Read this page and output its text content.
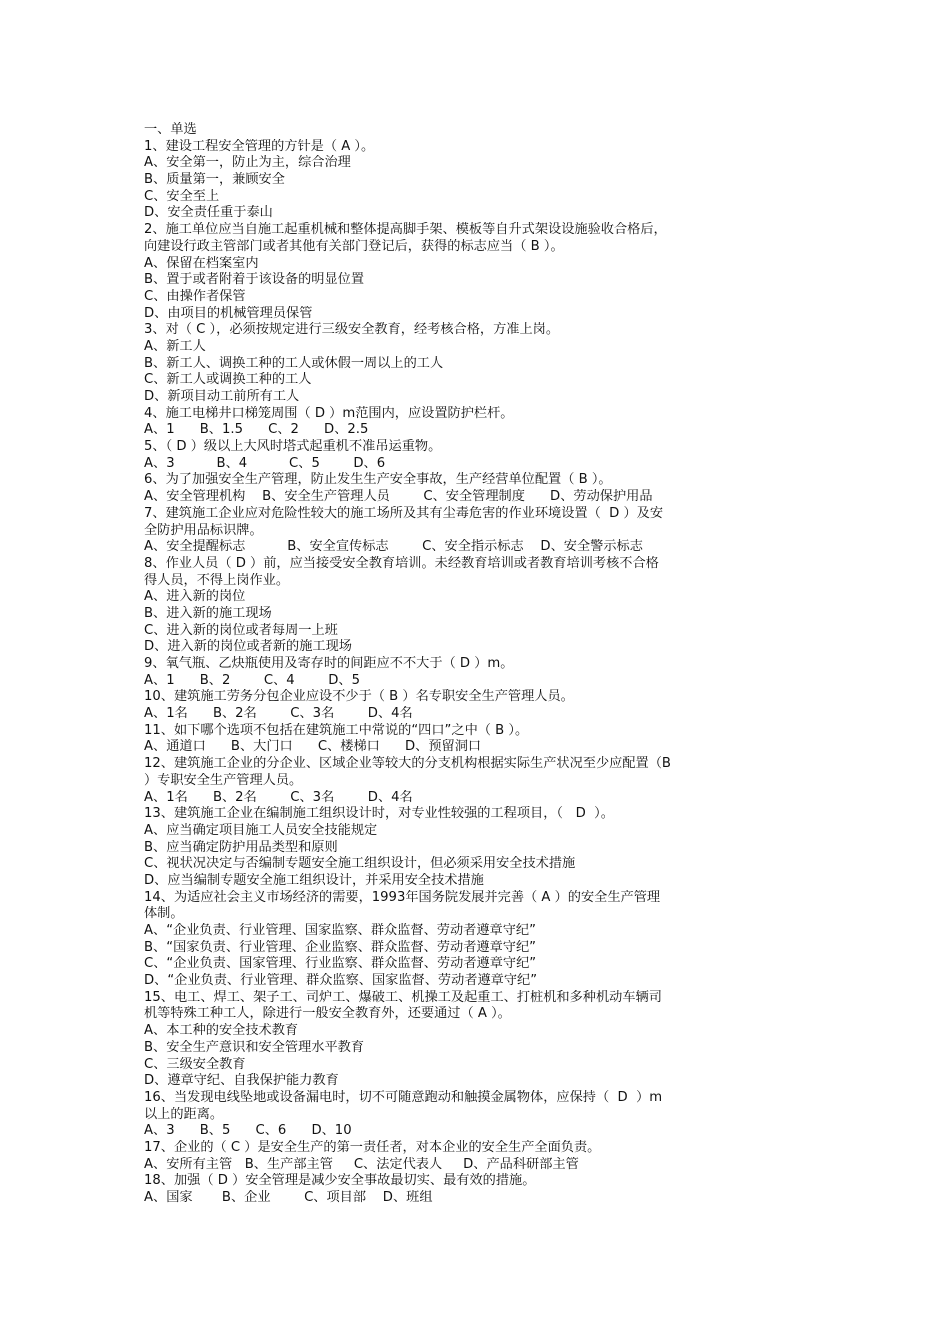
一、单选
1、建设工程安全管理的方针是（ A ）。
A、安全第一，防止为主，综合治理
B、质量第一，兼顾安全
C、安全至上
D、安全责任重于泰山
2、施工单位应当自施工起重机械和整体提高脚手架、模板等自升式架设设施验收合格后，
向建设行政主管部门或者其他有关部门登记后，获得的标志应当（ B ）。
A、保留在档案室内
B、置于或者附着于该设备的明显位置
C、由操作者保管
D、由项目的机械管理员保管
3、对（ C ），必须按规定进行三级安全教育，经考核合格，方准上岗。
A、新工人
B、新工人、调换工种的工人或休假一周以上的工人
C、新工人或调换工种的工人
D、新项目动工前所有工人
4、施工电梯井口梯笼周围（ D ）m范围内，应设置防护栏杆。
A、1      B、1.5      C、2      D、2.5
5、（ D ）级以上大风时塔式起重机不准吊运重物。
A、3          B、4          C、5        D、6
6、为了加强安全生产管理，防止发生生产安全事故，生产经营单位配置（ B ）。
A、安全管理机构    B、安全生产管理人员        C、安全管理制度      D、劳动保护用品
7、建筑施工企业应对危险性较大的施工场所及其有尘毒危害的作业环境设置（  D ）及安
全防护用品标识牌。
A、安全提醒标志          B、安全宣传标志        C、安全指示标志    D、安全警示标志
8、作业人员（ D ）前，应当接受安全教育培训。未经教育培训或者教育培训考核不合格
得人员，不得上岗作业。
A、进入新的岗位
B、进入新的施工现场
C、进入新的岗位或者每周一上班
D、进入新的岗位或者新的施工现场
9、氧气瓶、乙炔瓶使用及寄存时的间距应不不大于（ D ）m。
A、1      B、2        C、4        D、5
10、建筑施工劳务分包企业应设不少于（ B ）名专职安全生产管理人员。
A、1名      B、2名        C、3名        D、4名
11、如下哪个选项不包括在建筑施工中常说的“四口”之中（ B ）。
A、通道口      B、大门口      C、楼梯口      D、预留洞口
12、建筑施工企业的分企业、区域企业等较大的分支机构根据实际生产状况至少应配置（B
）专职安全生产管理人员。
A、1名      B、2名        C、3名        D、4名
13、建筑施工企业在编制施工组织设计时，对专业性较强的工程项目，（   D  ）。
A、应当确定项目施工人员安全技能规定
B、应当确定防护用品类型和原则
C、视状况决定与否编制专题安全施工组织设计，但必须采用安全技术措施
D、应当编制专题安全施工组织设计，并采用安全技术措施
14、为适应社会主义市场经济的需要，1993年国务院发展并完善（ A ）的安全生产管理
体制。
A、“企业负责、行业管理、国家监察、群众监督、劳动者遵章守纪”
B、“国家负责、行业管理、企业监察、群众监督、劳动者遵章守纪”
C、“企业负责、国家管理、行业监察、群众监督、劳动者遵章守纪”
D、“企业负责、行业管理、群众监察、国家监督、劳动者遵章守纪”
15、电工、焊工、架子工、司炉工、爆破工、机操工及起重工、打桩机和多种机动车辆司
机等特殊工种工人，除进行一般安全教育外，还要通过（ A ）。
A、本工种的安全技术教育
B、安全生产意识和安全管理水平教育
C、三级安全教育
D、遵章守纪、自我保护能力教育
16、当发现电线坠地或设备漏电时，切不可随意跑动和触摸金属物体，应保持（  D  ）m
以上的距离。
A、3      B、5      C、6      D、10
17、企业的（ C ）是安全生产的第一责任者，对本企业的安全生产全面负责。
A、安所有主管   B、生产部主管     C、法定代表人     D、产品科研部主管
18、加强（ D ）安全管理是减少安全事故最切实、最有效的措施。
A、国家       B、企业        C、项目部    D、班组
